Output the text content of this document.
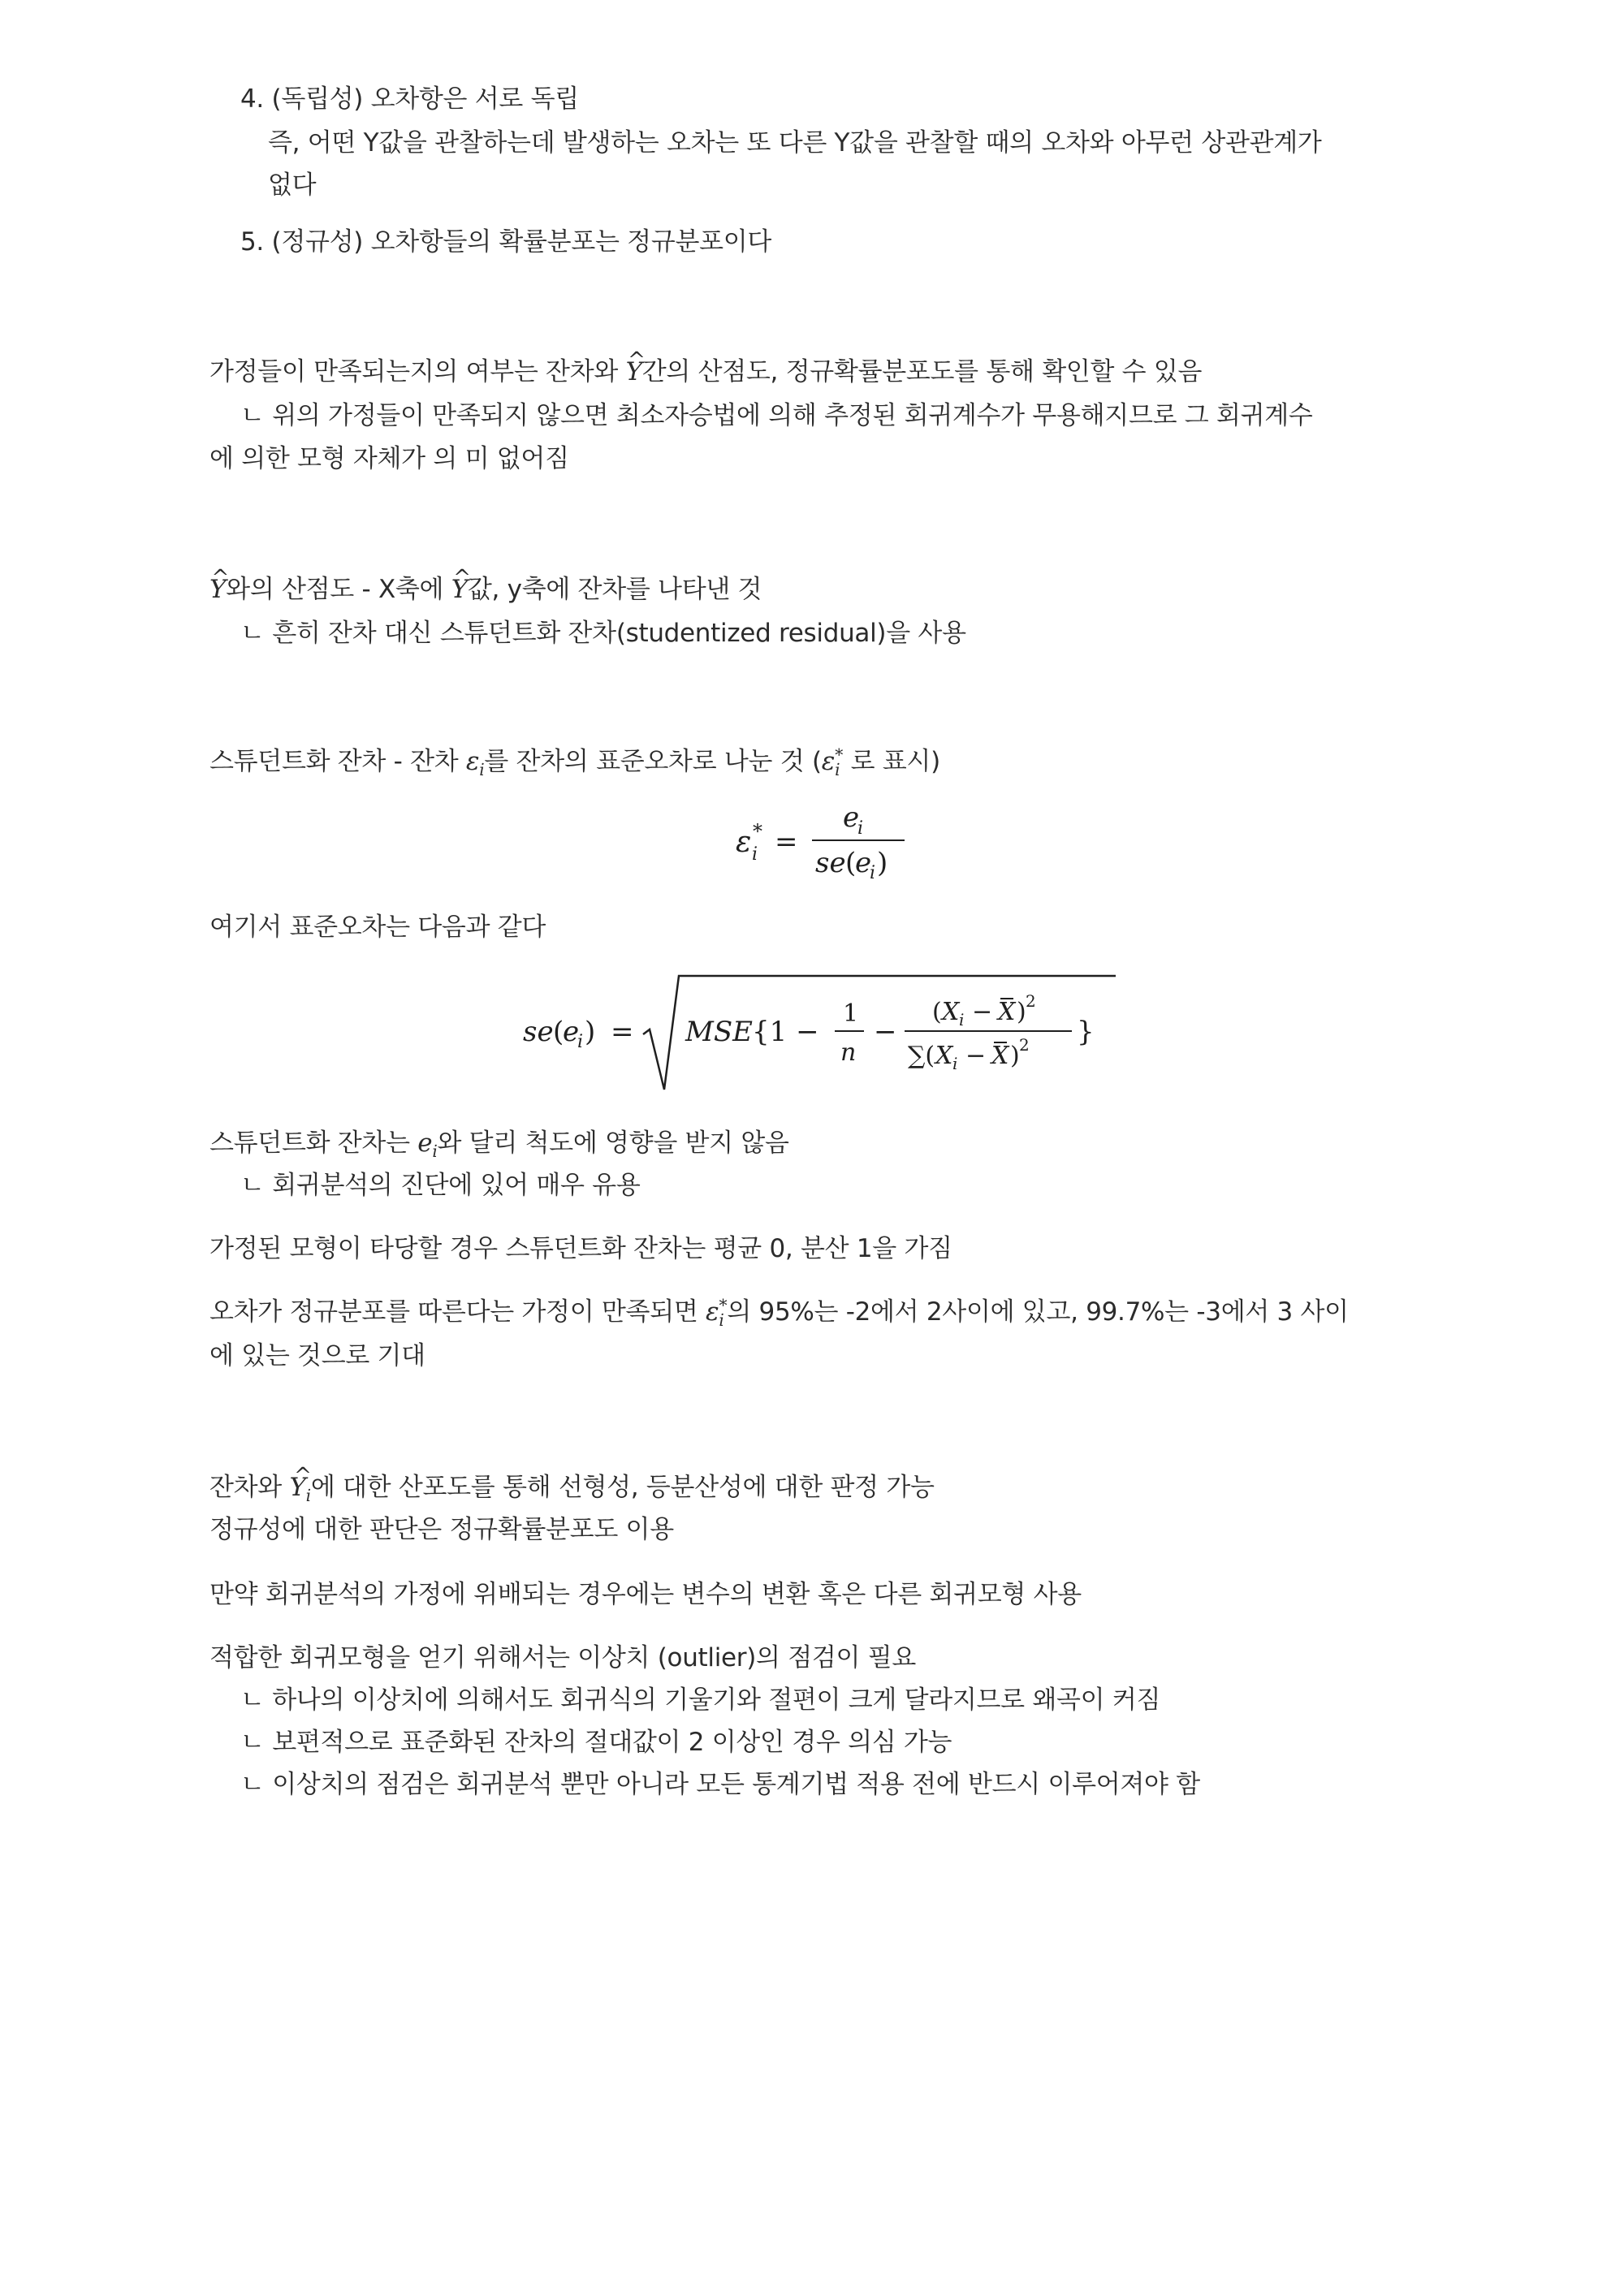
4. (독립성) 오차항은 서로 독립
즉, 어떤 Y값을 관찰하는데 발생하는 오차는 또 다른 Y값을 관찰할 때의 오차와 아무런 상관관계가
없다
5. (정규성) 오차항들의 확률분포는 정규분포이다
가정들이 만족되는지의 여부는 잔차와 ^ Y간의 산점도, 정규확률분포도를 통해 확인할 수 있음
ㄴ 위의 가정들이 만족되지 않으면 최소자승법에 의해 추정된 회귀계수가 무용해지므로 그 회귀계수
에 의한 모형 자체가 의 미 없어짐
^ Y와의 산점도 - X축에 ^ Y값, y축에 잔차를 나타낸 것
ㄴ 흔히 잔차 대신 스튜던트화 잔차(studentized residual)을 사용
스튜던트화 잔차 - 잔차 $\varepsilon_i$를 잔차의 표준오차로 나눈 것 ($\varepsilon_i^*$ 로 표시)
ε i
* =
e
i
se (
e
i )
여기서 표준오차는 다음과 같다
se (
e
i ) = MSE {1 −
1
n
−
( X i − X ) 2
∑( X i − X ) 2 }
스튜던트화 잔차는 $e_i$와 달리 척도에 영향을 받지 않음
ㄴ 회귀분석의 진단에 있어 매우 유용
가정된 모형이 타당할 경우 스튜던트화 잔차는 평균 0, 분산 1을 가짐
오차가 정규분포를 따른다는 가정이 만족되면 $\varepsilon_i^*$의 95%는 -2에서 2사이에 있고, 99.7%는 -3에서 3 사이
에 있는 것으로 기대
잔차와 ^ $Y_i$에 대한 산포도를 통해 선형성, 등분산성에 대한 판정 가능
정규성에 대한 판단은 정규확률분포도 이용
만약 회귀분석의 가정에 위배되는 경우에는 변수의 변환 혹은 다른 회귀모형 사용
적합한 회귀모형을 얻기 위해서는 이상치 (outlier)의 점검이 필요
ㄴ 하나의 이상치에 의해서도 회귀식의 기울기와 절편이 크게 달라지므로 왜곡이 커짐
ㄴ 보편적으로 표준화된 잔차의 절대값이 2 이상인 경우 의심 가능
ㄴ 이상치의 점검은 회귀분석 뿐만 아니라 모든 통계기법 적용 전에 반드시 이루어져야 함
